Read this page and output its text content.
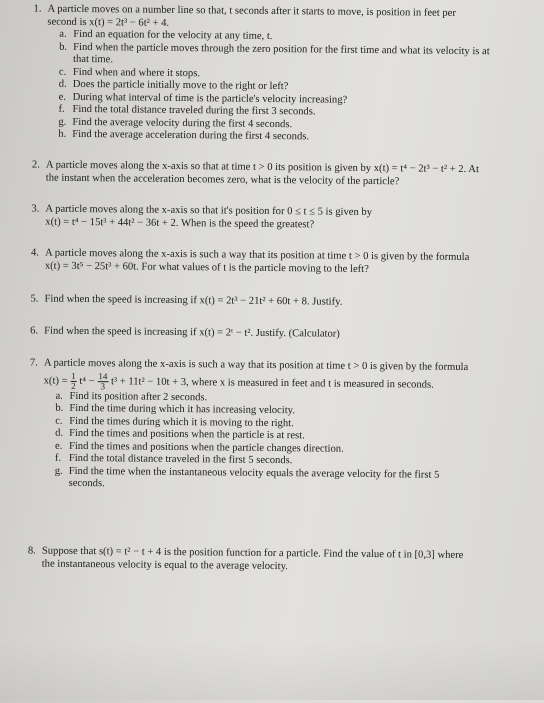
1. A particle moves on a number line so that, t seconds after it starts to move, is position in feet per
second is x(t) = 2t³ − 6t² + 4.
a. Find an equation for the velocity at any time, t.
b. Find when the particle moves through the zero position for the first time and what its velocity is at
that time.
c. Find when and where it stops.
d. Does the particle initially move to the right or left?
e. During what interval of time is the particle's velocity increasing?
f. Find the total distance traveled during the first 3 seconds.
g. Find the average velocity during the first 4 seconds.
h. Find the average acceleration during the first 4 seconds.
2. A particle moves along the x-axis so that at time t > 0 its position is given by x(t) = t⁴ − 2t³ − t² + 2. At
the instant when the acceleration becomes zero, what is the velocity of the particle?
3. A particle moves along the x-axis so that it's position for 0 ≤ t ≤ 5 is given by
x(t) = t⁴ − 15t³ + 44t² − 36t + 2. When is the speed the greatest?
4. A particle moves along the x-axis is such a way that its position at time t > 0 is given by the formula
x(t) = 3t⁵ − 25t³ + 60t. For what values of t is the particle moving to the left?
5. Find when the speed is increasing if x(t) = 2t³ − 21t² + 60t + 8. Justify.
6. Find when the speed is increasing if x(t) = 2ᵗ − t². Justify. (Calculator)
7. A particle moves along the x-axis is such a way that its position at time t > 0 is given by the formula
$x(t) = \frac{1}{2} t^4 - \frac{14}{3} t^3 + 11t^2 - 10t + 3$, where x is measured in feet and t is measured in seconds.
a. Find its position after 2 seconds.
b. Find the time during which it has increasing velocity.
c. Find the times during which it is moving to the right.
d. Find the times and positions when the particle is at rest.
e. Find the times and positions when the particle changes direction.
f. Find the total distance traveled in the first 5 seconds.
g. Find the time when the instantaneous velocity equals the average velocity for the first 5
seconds.
8. Suppose that s(t) = t² − t + 4 is the position function for a particle. Find the value of t in [0,3] where
the instantaneous velocity is equal to the average velocity.
